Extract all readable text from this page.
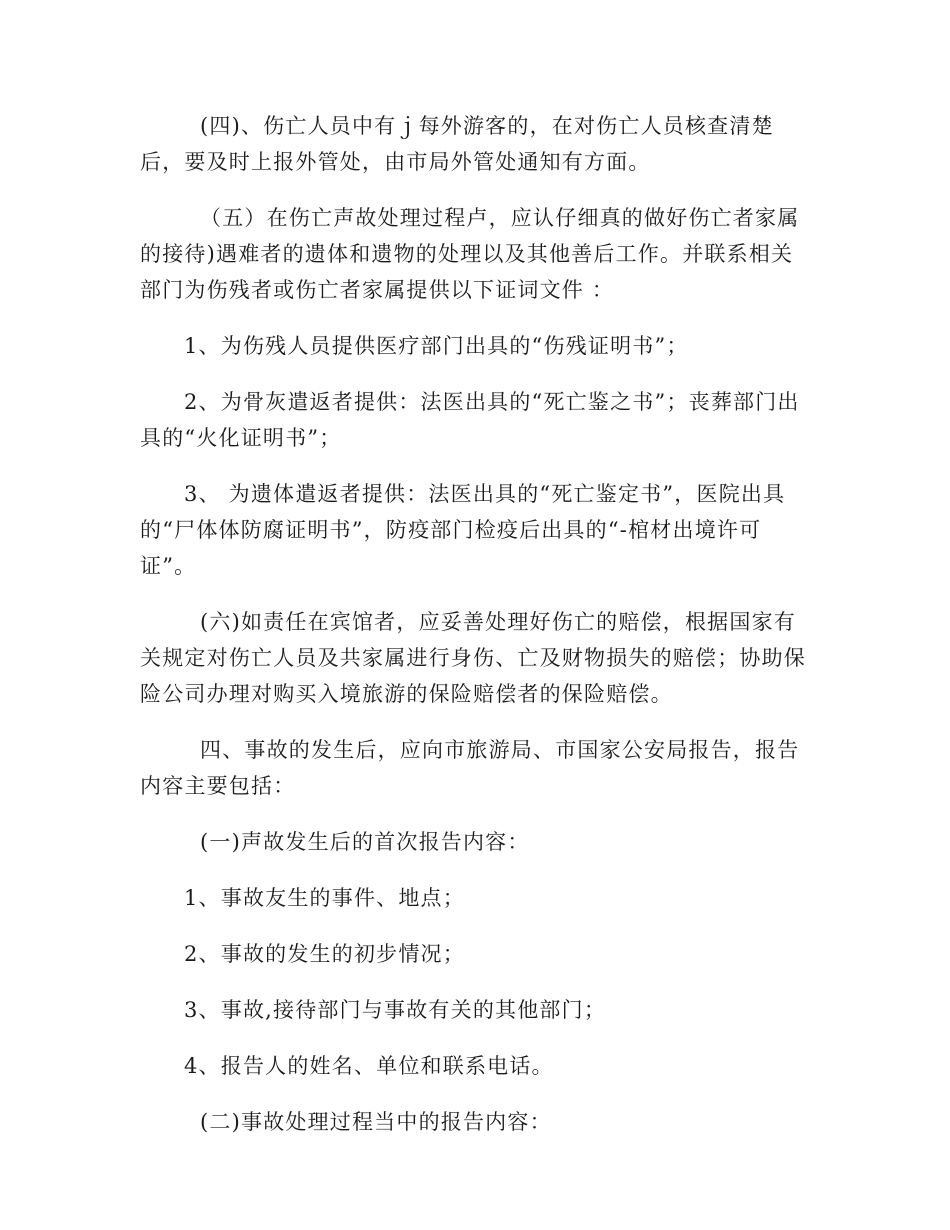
(四)、伤亡人员中有ｊ每外游客的，在对伤亡人员核查清楚后，要及时上报外管处，由市局外管处通知有方面。

（五）在伤亡声故处理过程卢，应认仔细真的做好伤亡者家属的接待)遇难者的遗体和遗物的处理以及其他善后工作。并联系相关部门为伤残者或伤亡者家属提供以下证词文件 ：

1、为伤残人员提供医疗部门出具的“伤残证明书”；

2、为骨灰遣返者提供：法医出具的“死亡鉴之书”；丧葬部门出具的“火化证明书”；

3、 为遗体遣返者提供：法医出具的“死亡鉴定书”，医院出具的“尸体体防腐证明书”，防疫部门检疫后出具的“-棺材出境许可证”。

(六)如责任在宾馆者，应妥善处理好伤亡的赔偿，根据国家有关规定对伤亡人员及共家属进行身伤、亡及财物损失的赔偿；协助保险公司办理对购买入境旅游的保险赔偿者的保险赔偿。

四、事故的发生后，应向市旅游局、市国家公安局报告，报告内容主要包括：

(一)声故发生后的首次报告内容：

1、事故友生的事件、地点；

2、事故的发生的初步情况；

3、事故,接待部门与事故有关的其他部门；

4、报告人的姓名、单位和联系电话。

(二)事故处理过程当中的报告内容：
